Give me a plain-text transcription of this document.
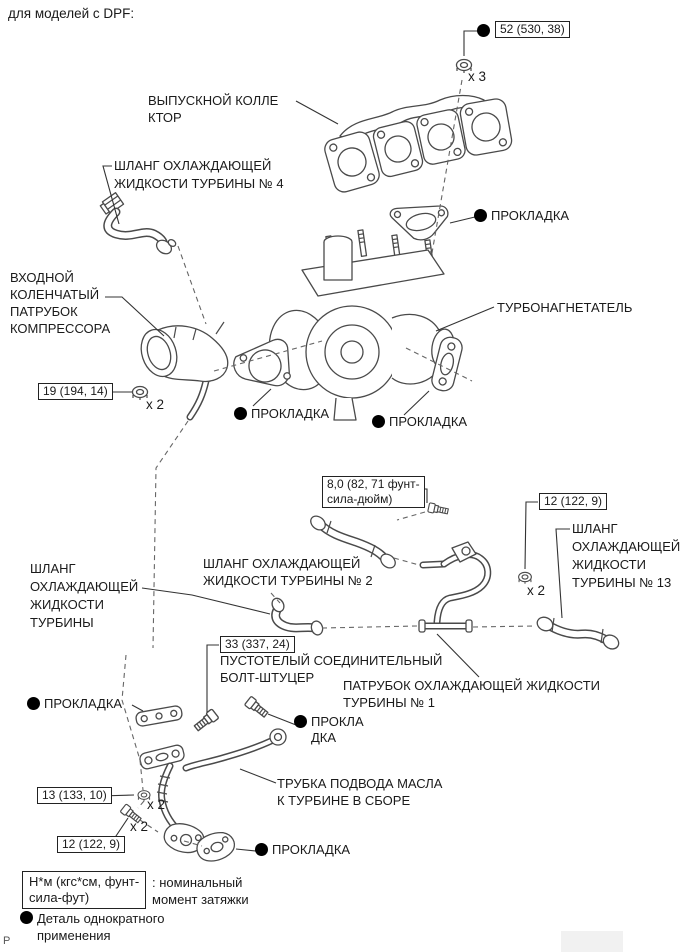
для моделей с DPF:
52 (530, 38)
x 3
19 (194, 14)
x 2
8,0 (82, 71 фунт-
сила-дюйм)	12 (122, 9)
x 2
33 (337, 24)
13 (133, 10)
x 2
12 (122, 9)
x 2
ВЫПУСКНОЙ КОЛЛЕ
КТОР
ШЛАНГ ОХЛАЖДАЮЩЕЙ
ЖИДКОСТИ ТУРБИНЫ № 4
ВХОДНОЙ
КОЛЕНЧАТЫЙ
ПАТРУБОК
КОМПРЕССОРА
ТУРБОНАГНЕТАТЕЛЬ
ПРОКЛАДКА
ПРОКЛАДКА
ПРОКЛАДКА
ШЛАНГ ОХЛАЖДАЮЩЕЙ
ЖИДКОСТИ ТУРБИНЫ № 2
ШЛАНГ
ОХЛАЖДАЮЩЕЙ
ЖИДКОСТИ
ТУРБИНЫ
ШЛАНГ
ОХЛАЖДАЮЩЕЙ
ЖИДКОСТИ
ТУРБИНЫ № 13
ПУСТОТЕЛЫЙ СОЕДИНИТЕЛЬНЫЙ
БОЛТ-ШТУЦЕР
ПАТРУБОК ОХЛАЖДАЮЩЕЙ ЖИДКОСТИ
ТУРБИНЫ № 1
ПРОКЛА
ДКА
ПРОКЛАДКА
ТРУБКА ПОДВОДА МАСЛА
К ТУРБИНЕ В СБОРЕ
ПРОКЛАДКА
Н*м (кгс*см, фунт-
сила-фут)
: номинальный
момент затяжки
Деталь однократного
применения
P
